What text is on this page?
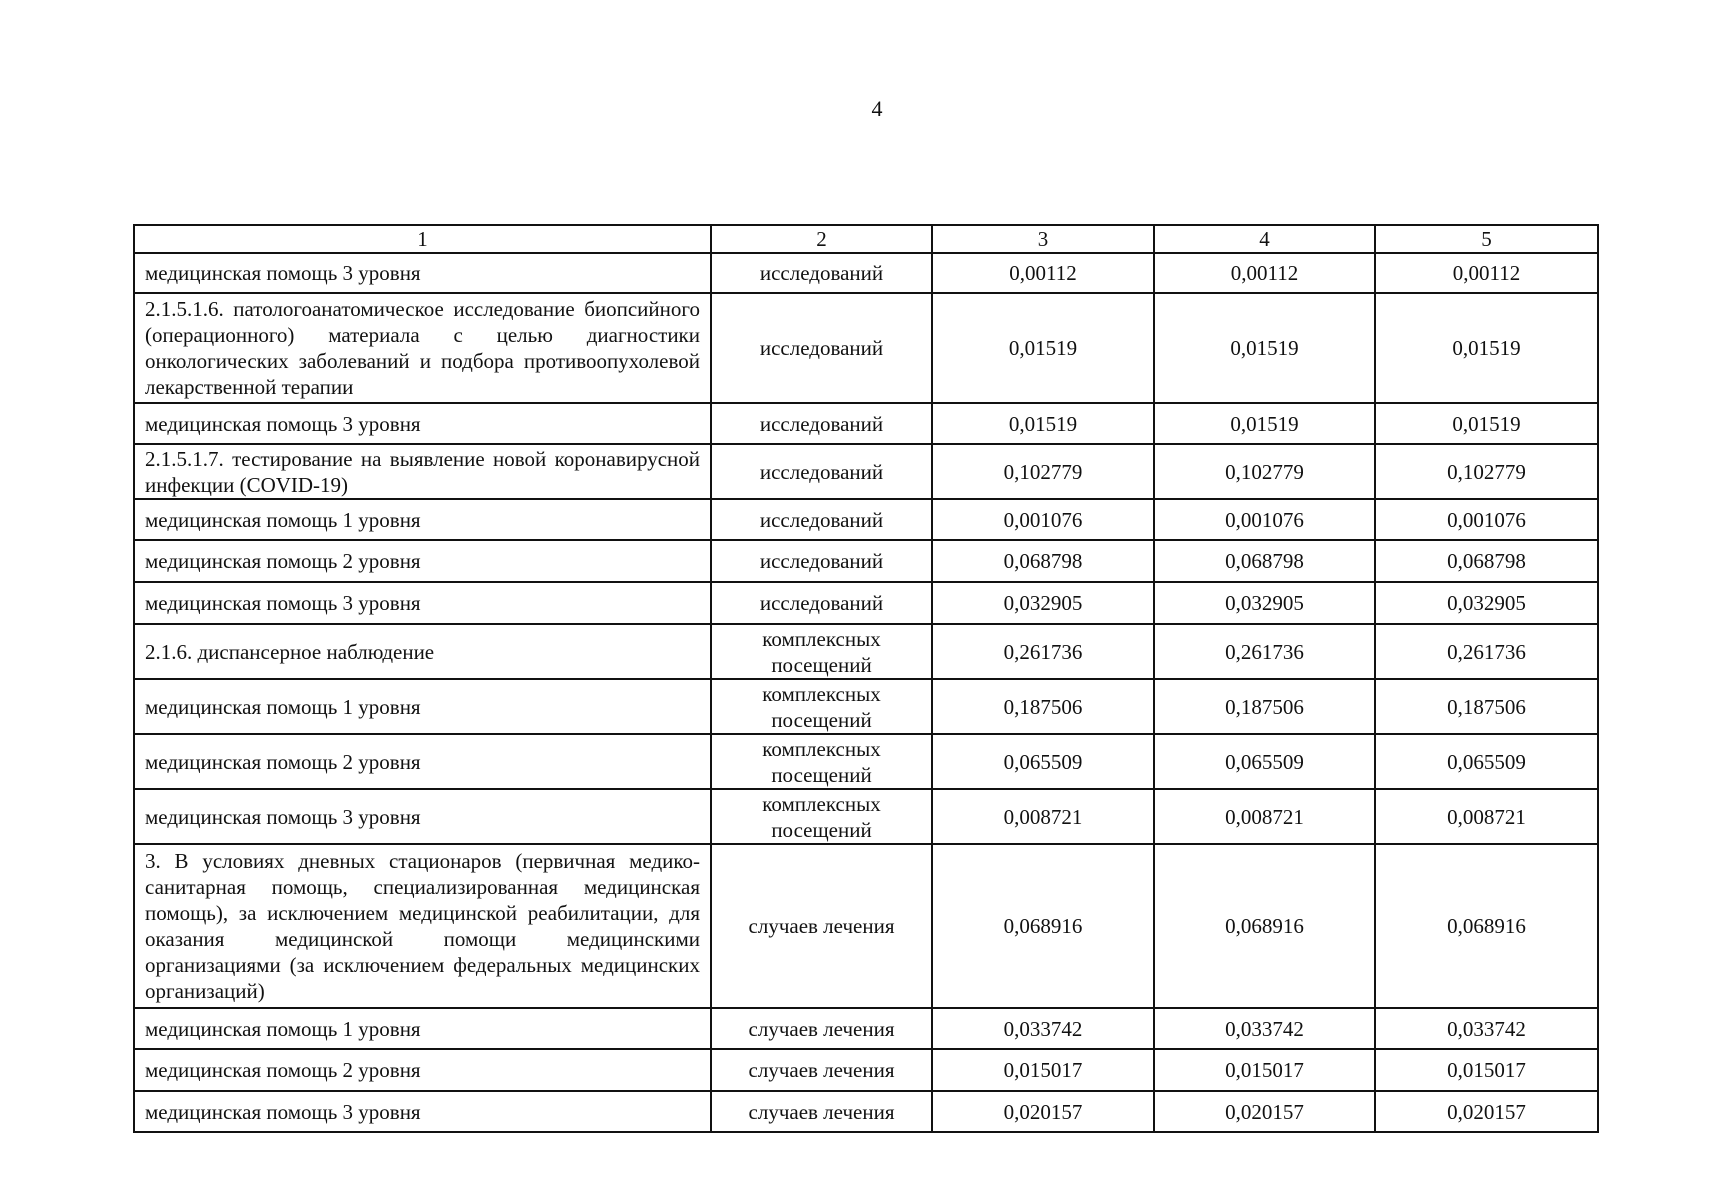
4
1	2	3	4	5
медицинская помощь 3 уровня	исследований	0,00112	0,00112	0,00112
2.1.5.1.6. патологоанатомическое исследование биопсийного (операционного) материала с целью диагностики онкологических заболеваний и подбора противоопухолевой лекарственной терапии	исследований	0,01519	0,01519	0,01519
медицинская помощь 3 уровня	исследований	0,01519	0,01519	0,01519
2.1.5.1.7. тестирование на выявление новой коронавирусной инфекции (COVID-19)	исследований	0,102779	0,102779	0,102779
медицинская помощь 1 уровня	исследований	0,001076	0,001076	0,001076
медицинская помощь 2 уровня	исследований	0,068798	0,068798	0,068798
медицинская помощь 3 уровня	исследований	0,032905	0,032905	0,032905
2.1.6. диспансерное наблюдение	комплексных посещений	0,261736	0,261736	0,261736
медицинская помощь 1 уровня	комплексных посещений	0,187506	0,187506	0,187506
медицинская помощь 2 уровня	комплексных посещений	0,065509	0,065509	0,065509
медицинская помощь 3 уровня	комплексных посещений	0,008721	0,008721	0,008721
3. В условиях дневных стационаров (первичная медико-санитарная помощь, специализированная медицинская помощь), за исключением медицинской реабилитации, для оказания медицинской помощи медицинскими организациями (за исключением федеральных медицинских организаций)	случаев лечения	0,068916	0,068916	0,068916
медицинская помощь 1 уровня	случаев лечения	0,033742	0,033742	0,033742
медицинская помощь 2 уровня	случаев лечения	0,015017	0,015017	0,015017
медицинская помощь 3 уровня	случаев лечения	0,020157	0,020157	0,020157
